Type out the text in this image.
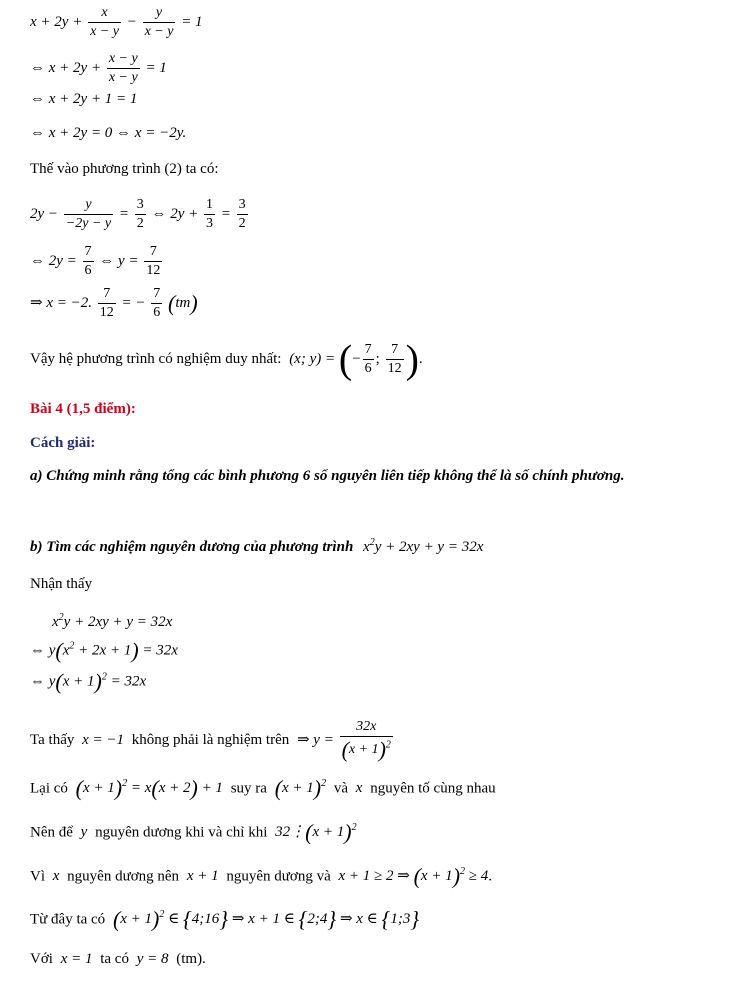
$x + 2y + \frac{x}{x - y} - \frac{y}{x - y} = 1$
⇔ $x + 2y + \frac{x - y}{x - y} = 1$
⇔ x + 2y + 1 = 1
⇔ x + 2y = 0 ⇔ x = −2y.
Thế vào phương trình (2) ta có:
$2y - \frac{y}{-2y - y} = \frac{3}{2}$ ⇔ $2y + \frac{1}{3} = \frac{3}{2}$
⇔ $2y = \frac{7}{6}$ ⇔ $y = \frac{7}{12}$
⇒ x = −2. $\frac{7}{12}$ = − $\frac{7}{6} (tm)$
Vậy hệ phương trình có nghiệm duy nhất: (x; y) = (− $\frac{7}{6}$ ; $\frac{7}{12}$ ).
Bài 4 (1,5 điểm):
Cách giải:
a) Chứng minh rằng tổng các bình phương 6 số nguyên liên tiếp không thể là số chính phương.
b) Tìm các nghiệm nguyên dương của phương trình $x^2y + 2xy + y = 32x$
Nhận thấy
$x^2y + 2xy + y = 32x$
⇔ $y(x^2 + 2x + 1) = 32x$
⇔ $y(x + 1)^2 = 32x$
Ta thấy x = −1 không phải là nghiệm trên ⇒ $y = \frac{32x}{(x + 1)^2}$
Lại có $(x + 1)^2 = x(x + 2) + 1$ suy ra $(x + 1)^2$ và x nguyên tố cùng nhau
Nên để y nguyên dương khi và chỉ khi 32⋮(x + 1)$^2$
Vì x nguyên dương nên x + 1 nguyên dương và x + 1 ≥ 2 ⇒ $(x + 1)^2 \ge 4$.
Từ đây ta có $(x + 1)^2$ ∈ {4;16} ⇒ x + 1 ∈ {2;4} ⇒ x ∈ {1;3}
Với x = 1 ta có y = 8 (tm).
